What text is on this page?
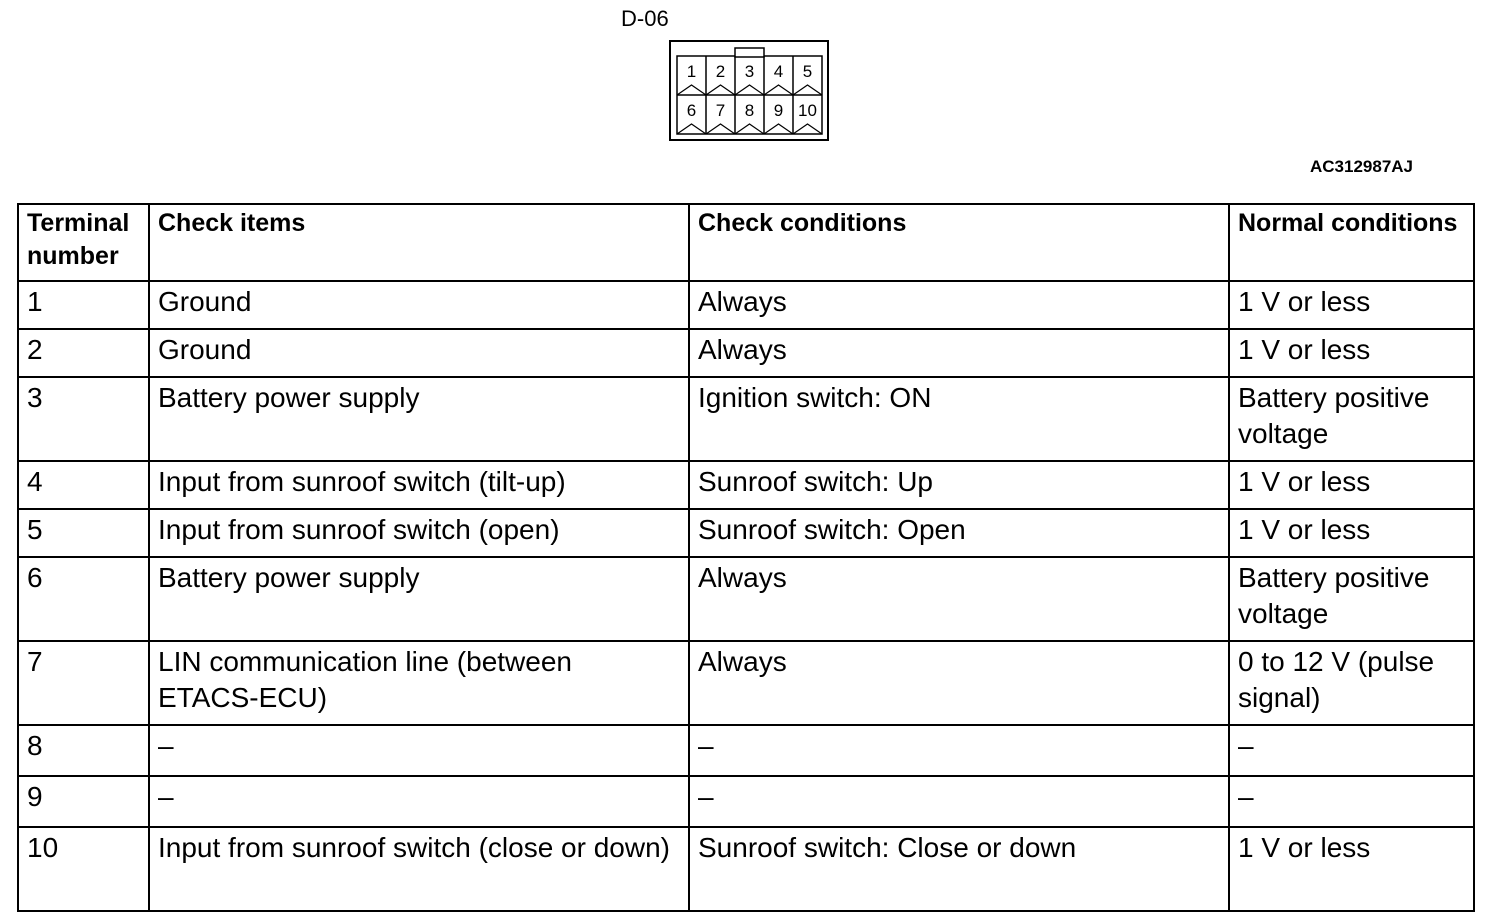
D-06
1 2 3 4 5
6 7 8 9 10
AC312987AJ
Terminal number	Check items	Check conditions	Normal conditions
1	Ground	Always	1 V or less
2	Ground	Always	1 V or less
3	Battery power supply	Ignition switch: ON	Battery positive voltage
4	Input from sunroof switch (tilt-up)	Sunroof switch: Up	1 V or less
5	Input from sunroof switch (open)	Sunroof switch: Open	1 V or less
6	Battery power supply	Always	Battery positive voltage
7	LIN communication line (between ETACS-ECU)	Always	0 to 12 V (pulse signal)
8	–	–	–
9	–	–	–
10	Input from sunroof switch (close or down)	Sunroof switch: Close or down	1 V or less
